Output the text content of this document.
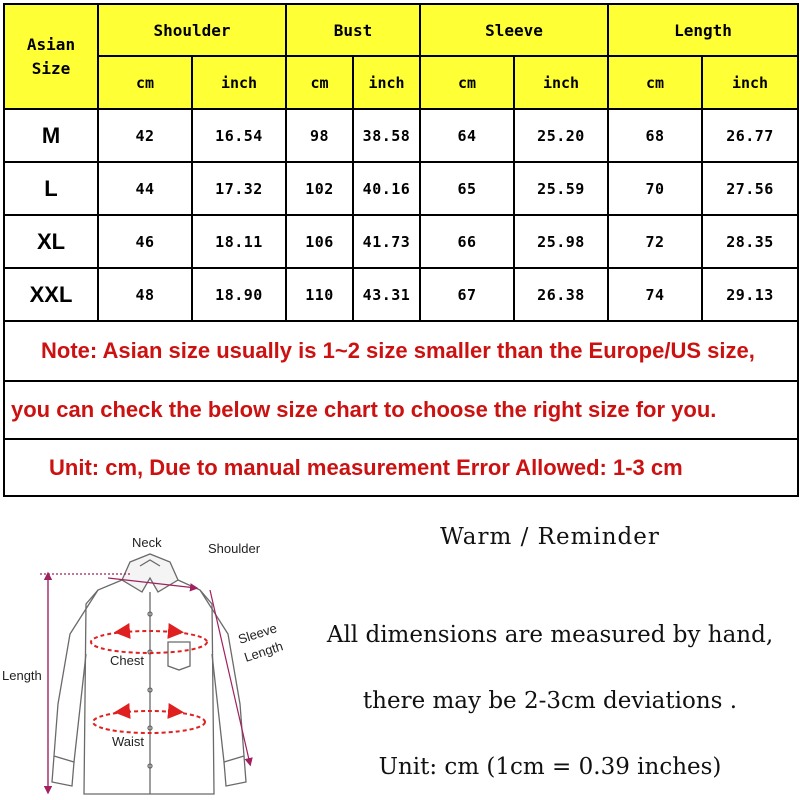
Asian Size	Shoulder		Bust		Sleeve		Length	
	cm	inch	cm	inch	cm	inch	cm	inch
M	42	16.54	98	38.58	64	25.20	68	26.77
L	44	17.32	102	40.16	65	25.59	70	27.56
XL	46	18.11	106	41.73	66	25.98	72	28.35
XXL	48	18.90	110	43.31	67	26.38	74	29.13
Note: Asian size usually is 1~2 size smaller than the Europe/US size,								
you can check the below size chart to choose the right size for you.								
Unit: cm, Due to manual measurement Error Allowed: 1-3 cm								
Neck	Shoulder
Sleeve
Length
Length
Chest
Waist
Warm / Reminder
All dimensions are measured by hand,
there may be 2-3cm deviations .
Unit: cm (1cm = 0.39 inches)
